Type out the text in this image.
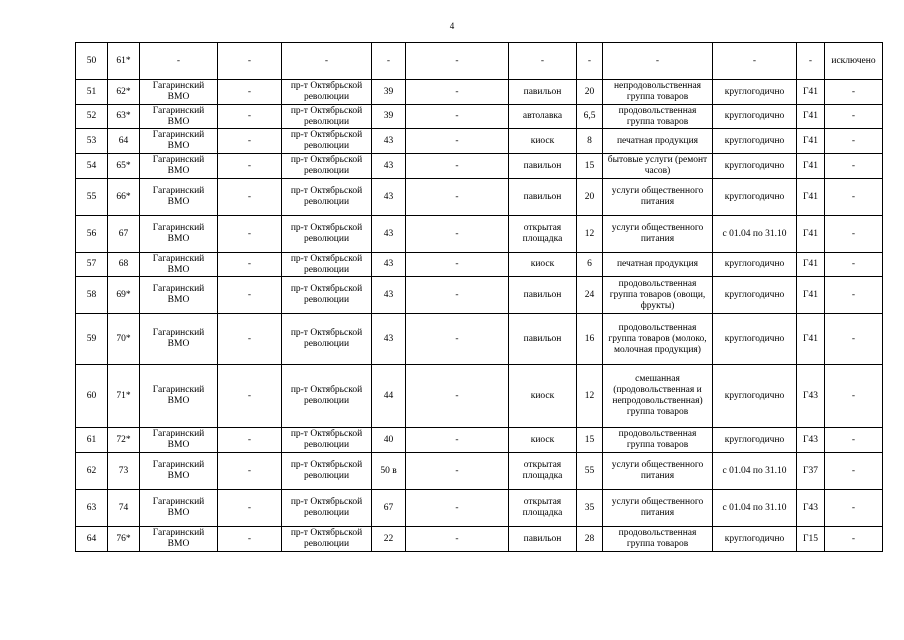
4
50	61*	-	-	-	-	-	-	-	-	-	-	исключено
51	62*	Гагаринский ВМО	-	пр-т Октябрьской революции	39	-	павильон	20	непродовольственная группа товаров	круглогодично	Г41	-
52	63*	Гагаринский ВМО	-	пр-т Октябрьской революции	39	-	автолавка	6,5	продовольственная группа товаров	круглогодично	Г41	-
53	64	Гагаринский ВМО	-	пр-т Октябрьской революции	43	-	киоск	8	печатная продукция	круглогодично	Г41	-
54	65*	Гагаринский ВМО	-	пр-т Октябрьской революции	43	-	павильон	15	бытовые услуги (ремонт часов)	круглогодично	Г41	-
55	66*	Гагаринский ВМО	-	пр-т Октябрьской революции	43	-	павильон	20	услуги общественного питания	круглогодично	Г41	-
56	67	Гагаринский ВМО	-	пр-т Октябрьской революции	43	-	открытая площадка	12	услуги общественного питания	с 01.04 по 31.10	Г41	-
57	68	Гагаринский ВМО	-	пр-т Октябрьской революции	43	-	киоск	6	печатная продукция	круглогодично	Г41	-
58	69*	Гагаринский ВМО	-	пр-т Октябрьской революции	43	-	павильон	24	продовольственная группа товаров (овощи, фрукты)	круглогодично	Г41	-
59	70*	Гагаринский ВМО	-	пр-т Октябрьской революции	43	-	павильон	16	продовольственная группа товаров (молоко, молочная продукция)	круглогодично	Г41	-
60	71*	Гагаринский ВМО	-	пр-т Октябрьской революции	44	-	киоск	12	смешанная (продовольственная и непродовольственная) группа товаров	круглогодично	Г43	-
61	72*	Гагаринский ВМО	-	пр-т Октябрьской революции	40	-	киоск	15	продовольственная группа товаров	круглогодично	Г43	-
62	73	Гагаринский ВМО	-	пр-т Октябрьской революции	50 в	-	открытая площадка	55	услуги общественного питания	с 01.04 по 31.10	Г37	-
63	74	Гагаринский ВМО	-	пр-т Октябрьской революции	67	-	открытая площадка	35	услуги общественного питания	с 01.04 по 31.10	Г43	-
64	76*	Гагаринский ВМО	-	пр-т Октябрьской революции	22	-	павильон	28	продовольственная группа товаров	круглогодично	Г15	-
